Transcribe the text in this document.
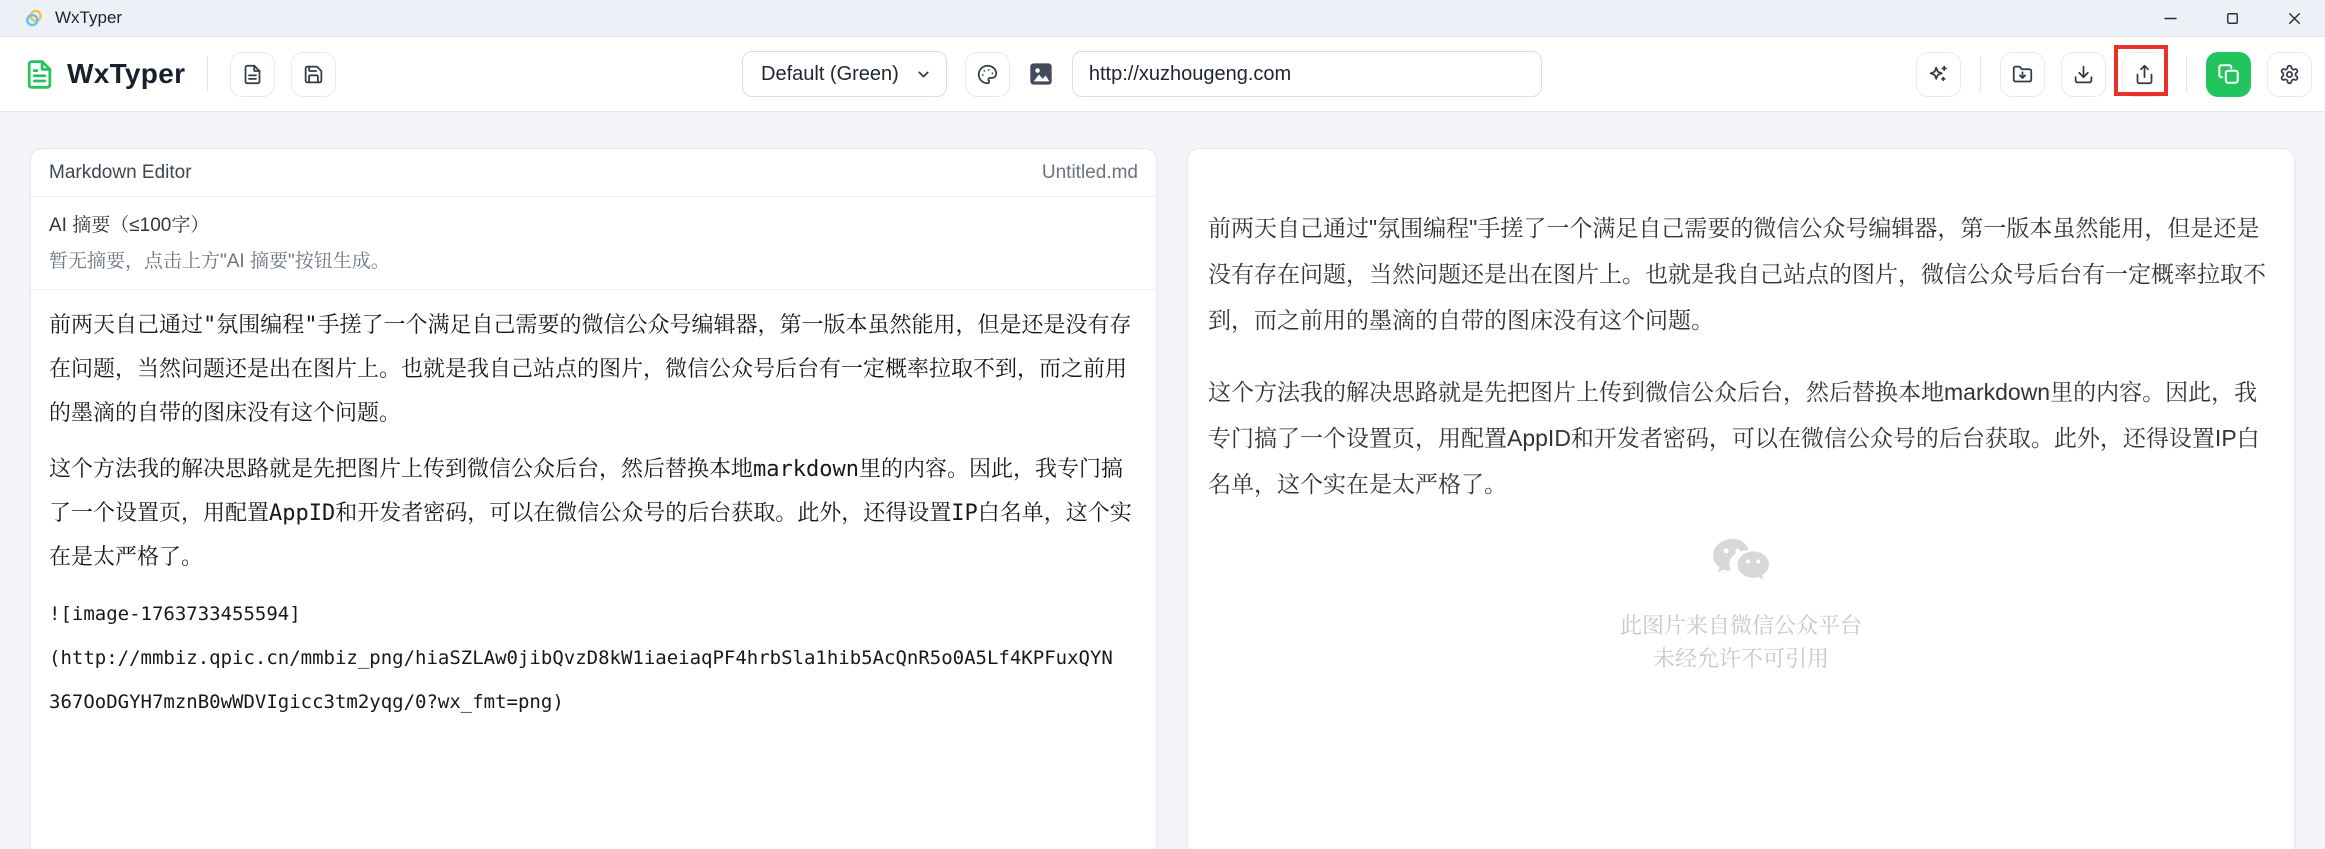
WxTyper
WxTyper	Default (Green)
http://xuzhougeng.com
Markdown Editor	Untitled.md
AI 摘要（≤100字）
暂无摘要，点击上方"AI 摘要"按钮生成。

前两天自己通过"氛围编程"手搓了一个满足自己需要的微信公众号编辑器，第一版本虽然能用，但是还是没有存在问题，当然问题还是出在图片上。也就是我自己站点的图片，微信公众号后台有一定概率拉取不到，而之前用的墨滴的自带的图床没有这个问题。

这个方法我的解决思路就是先把图片上传到微信公众后台，然后替换本地markdown里的内容。因此，我专门搞了一个设置页，用配置AppID和开发者密码，可以在微信公众号的后台获取。此外，还得设置IP白名单，这个实在是太严格了。

![image-1763733455594]
(http://mmbiz.qpic.cn/mmbiz_png/hiaSZLAw0jibQvzD8kW1iaeiaqPF4hrbSla1hib5AcQnR5o0A5Lf4KPFuxQYN
367OoDGYH7mznB0wWDVIgicc3tm2yqg/0?wx_fmt=png)

前两天自己通过"氛围编程"手搓了一个满足自己需要的微信公众号编辑器，第一版本虽然能用，但是还是没有存在问题，当然问题还是出在图片上。也就是我自己站点的图片，微信公众号后台有一定概率拉取不到，而之前用的墨滴的自带的图床没有这个问题。

这个方法我的解决思路就是先把图片上传到微信公众后台，然后替换本地markdown里的内容。因此，我专门搞了一个设置页，用配置AppID和开发者密码，可以在微信公众号的后台获取。此外，还得设置IP白名单，这个实在是太严格了。

此图片来自微信公众平台
未经允许不可引用
